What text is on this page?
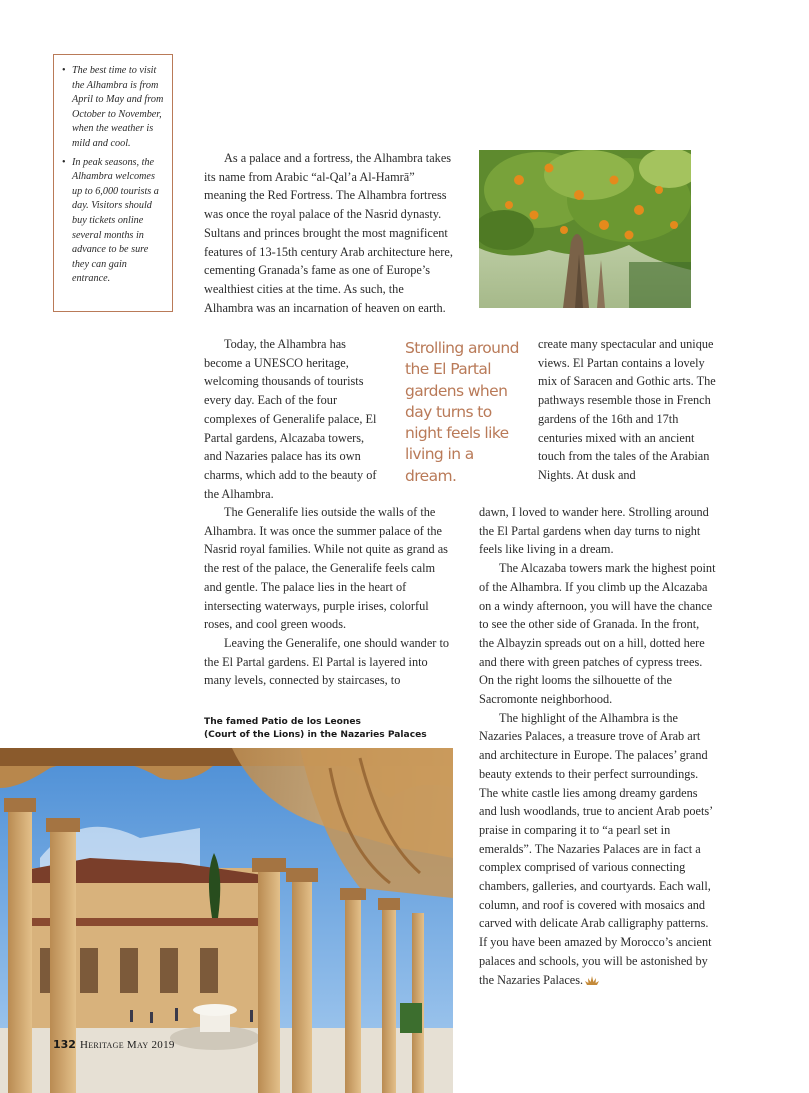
• The best time to visit the Alhambra is from April to May and from October to November, when the weather is mild and cool.
• In peak seasons, the Alhambra welcomes up to 6,000 tourists a day. Visitors should buy tickets online several months in advance to be sure they can gain entrance.

As a palace and a fortress, the Alhambra takes its name from Arabic “al-Qal’a Al-Hamrā” meaning the Red Fortress. The Alhambra fortress was once the royal palace of the Nasrid dynasty. Sultans and princes brought the most magnificent features of 13-15th century Arab architecture here, cementing Granada’s fame as one of Europe’s wealthiest cities at the time. As such, the Alhambra was an incarnation of heaven on earth.

Today, the Alhambra has become a UNESCO heritage, welcoming thousands of tourists every day. Each of the four complexes of Generalife palace, El Partal gardens, Alcazaba towers, and Nazaries palace has its own charms, which add to the beauty of the Alhambra.

The Generalife lies outside the walls of the Alhambra. It was once the summer palace of the Nasrid royal families. While not quite as grand as the rest of the palace, the Generalife feels calm and gentle. The palace lies in the heart of intersecting waterways, purple irises, colorful roses, and cool green woods.

Leaving the Generalife, one should wander to the El Partal gardens. El Partal is layered into many levels, connected by staircases, to

Strolling around the El Partal gardens when day turns to night feels like living in a dream.

create many spectacular and unique views. El Partan contains a lovely mix of Saracen and Gothic arts. The pathways resemble those in French gardens of the 16th and 17th centuries mixed with an ancient touch from the tales of the Arabian Nights. At dusk and

dawn, I loved to wander here. Strolling around the El Partal gardens when day turns to night feels like living in a dream.

The Alcazaba towers mark the highest point of the Alhambra. If you climb up the Alcazaba on a windy afternoon, you will have the chance to see the other side of Granada. In the front, the Albayzin spreads out on a hill, dotted here and there with green patches of cypress trees. On the right looms the silhouette of the Sacromonte neighborhood.

The highlight of the Alhambra is the Nazaries Palaces, a treasure trove of Arab art and architecture in Europe. The palaces’ grand beauty extends to their perfect surroundings. The white castle lies among dreamy gardens and lush woodlands, true to ancient Arab poets’ praise in comparing it to “a pearl set in emeralds”. The Nazaries Palaces are in fact a complex comprised of various connecting chambers, galleries, and courtyards. Each wall, column, and roof is covered with mosaics and carved with delicate Arab calligraphy patterns. If you have been amazed by Morocco’s ancient palaces and schools, you will be astonished by the Nazaries Palaces.

The famed Patio de los Leones
(Court of the Lions) in the Nazaries Palaces
132 Heritage May 2019
